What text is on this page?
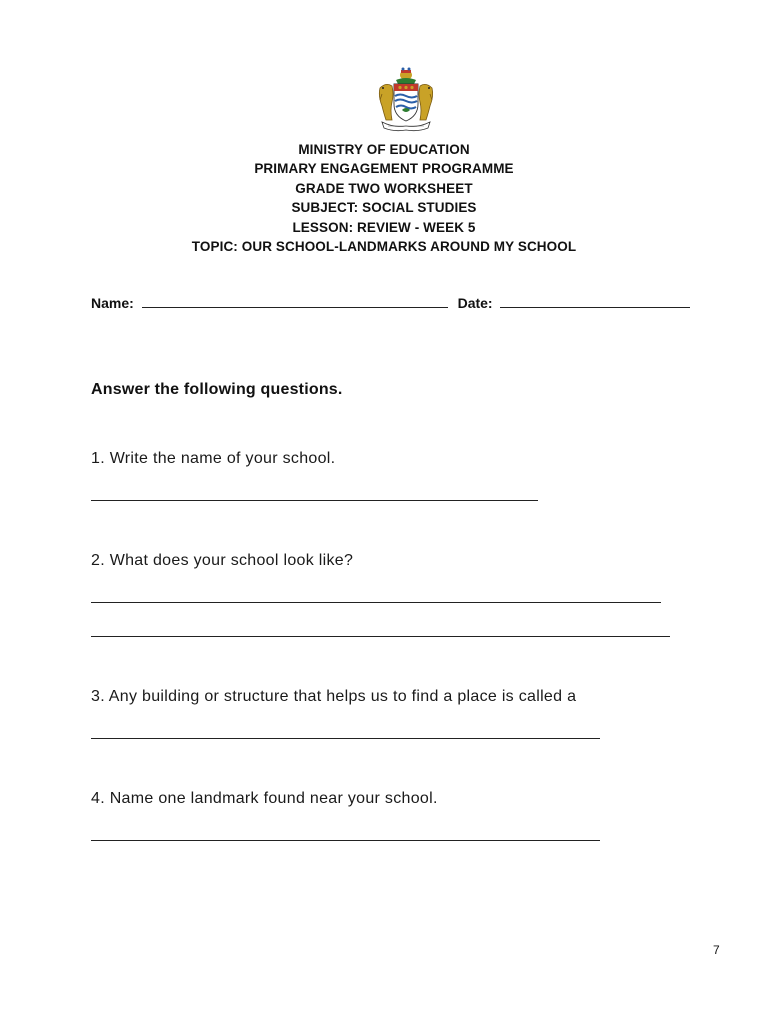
MINISTRY OF EDUCATION
PRIMARY ENGAGEMENT PROGRAMME
GRADE TWO WORKSHEET
SUBJECT: SOCIAL STUDIES
LESSON: REVIEW - WEEK 5
TOPIC: OUR SCHOOL-LANDMARKS AROUND MY SCHOOL
Name:	Date:
Answer the following questions.
1. Write the name of your school.
2. What does your school look like?
3. Any building or structure that helps us to find a place is called a
4. Name one landmark found near your school.
7
